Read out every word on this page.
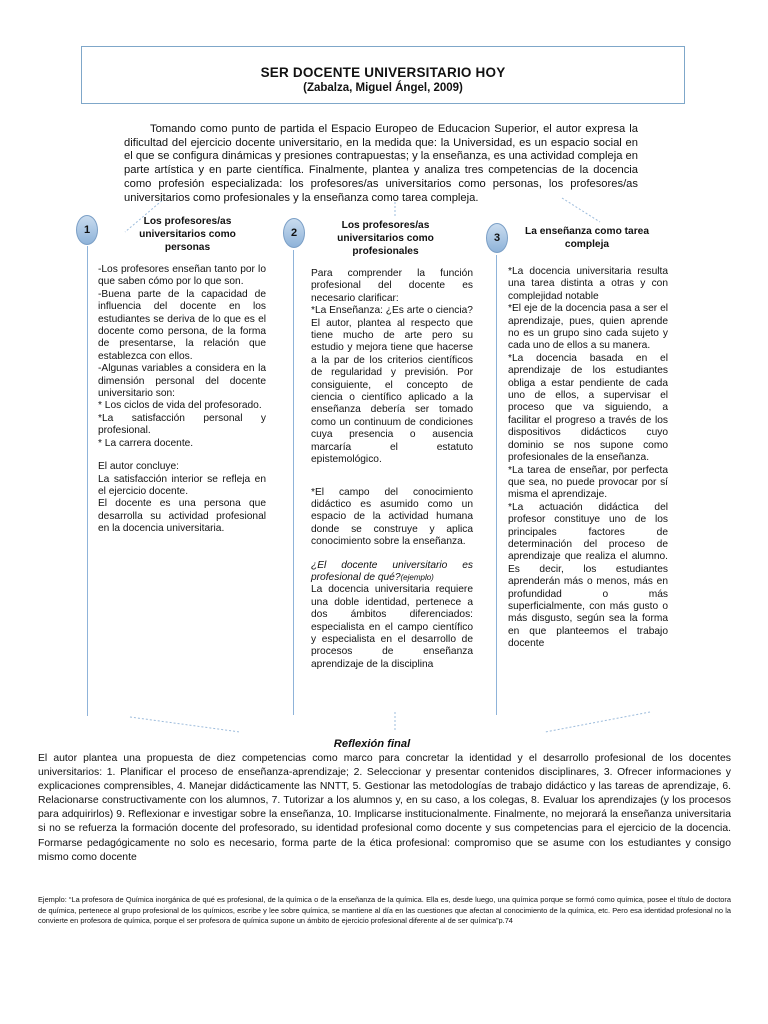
SER DOCENTE UNIVERSITARIO HOY
(Zabalza, Miguel Ángel, 2009)
Tomando como punto de partida el Espacio Europeo de Educacion Superior, el autor expresa la dificultad del ejercicio docente universitario, en la medida que: la Universidad, es un espacio social en el que se configura dinámicas y presiones contrapuestas; y la enseñanza, es una actividad compleja en parte artística y en parte científica. Finalmente, plantea y analiza tres competencias de la docencia como profesión especializada: los profesores/as universitarios como personas, los profesores/as universitarios como profesionales y la enseñanza como tarea compleja.
1
Los profesores/as universitarios como personas

-Los profesores enseñan tanto por lo que saben cómo por lo que son.

-Buena parte de la capacidad de influencia del docente en los estudiantes se deriva de lo que es el docente como persona, de la forma de presentarse, la relación que establezca con ellos.

-Algunas variables a considera en la dimensión personal del docente universitario son:

* Los ciclos de vida del profesorado.

*La satisfacción personal y profesional.

* La carrera docente.

El autor concluye:

La satisfacción interior se refleja en el ejercicio docente.

El docente es una persona que desarrolla su actividad profesional en la docencia universitaria.

2
Los profesores/as universitarios como profesionales

Para comprender la función profesional del docente es necesario clarificar:

*La Enseñanza: ¿Es arte o ciencia?

El autor, plantea al respecto que tiene mucho de arte pero su estudio y mejora tiene que hacerse a la par de los criterios científicos de regularidad y previsión. Por consiguiente, el concepto de ciencia o científico aplicado a la enseñanza debería ser tomado como un continuum de condiciones cuya presencia o ausencia marcaría el estatuto epistemológico.

*El campo del conocimiento didáctico es asumido como un espacio de la actividad humana donde se construye y aplica conocimiento sobre la enseñanza.

¿El docente universitario es profesional de qué?(ejemplo)

La docencia universitaria requiere una doble identidad, pertenece a dos ámbitos diferenciados: especialista en el campo científico y especialista en el desarrollo de procesos de enseñanza aprendizaje de la disciplina

3
La enseñanza como tarea compleja

*La docencia universitaria resulta una tarea distinta a otras y con complejidad notable

*El eje de la docencia pasa a ser el aprendizaje, pues, quien aprende no es un grupo sino cada sujeto y cada uno de ellos a su manera.

*La docencia basada en el aprendizaje de los estudiantes obliga a estar pendiente de cada uno de ellos, a supervisar el proceso que va siguiendo, a facilitar el progreso a través de los dispositivos didácticos cuyo dominio se nos supone como profesionales de la enseñanza.

*La tarea de enseñar, por perfecta que sea, no puede provocar por sí misma el aprendizaje.

*La actuación didáctica del profesor constituye uno de los principales factores de determinación del proceso de aprendizaje que realiza el alumno. Es decir, los estudiantes aprenderán más o menos, más en profundidad o más superficialmente, con más gusto o más disgusto, según sea la forma en que planteemos el trabajo docente

Reflexión final
El autor plantea una propuesta de diez competencias como marco para concretar la identidad y el desarrollo profesional de los docentes universitarios: 1. Planificar el proceso de enseñanza-aprendizaje; 2. Seleccionar y presentar contenidos disciplinares, 3. Ofrecer informaciones y explicaciones comprensibles, 4. Manejar didácticamente las NNTT, 5. Gestionar las metodologías de trabajo didáctico y las tareas de aprendizaje, 6. Relacionarse constructivamente con los alumnos, 7. Tutorizar a los alumnos y, en su caso, a los colegas, 8. Evaluar los aprendizajes (y los procesos para adquirirlos) 9. Reflexionar e investigar sobre la enseñanza, 10. Implicarse institucionalmente. Finalmente, no mejorará la enseñanza universitaria si no se refuerza la formación docente del profesorado, su identidad profesional como docente y sus competencias para el ejercicio de la docencia. Formarse pedagógicamente no solo es necesario, forma parte de la ética profesional: compromiso que se asume con los estudiantes y consigo mismo como docente
Ejemplo: “La profesora de Química inorgánica de qué es profesional, de la química o de la enseñanza de la química. Ella es, desde luego, una química porque se formó como química, posee el título de doctora de química, pertenece al grupo profesional de los químicos, escribe y lee sobre química, se mantiene al día en las cuestiones que afectan al conocimiento de la química, etc. Pero esa identidad profesional no la convierte en profesora de química, porque el ser profesora de química supone un ámbito de ejercicio profesional diferente al de ser química”p.74
